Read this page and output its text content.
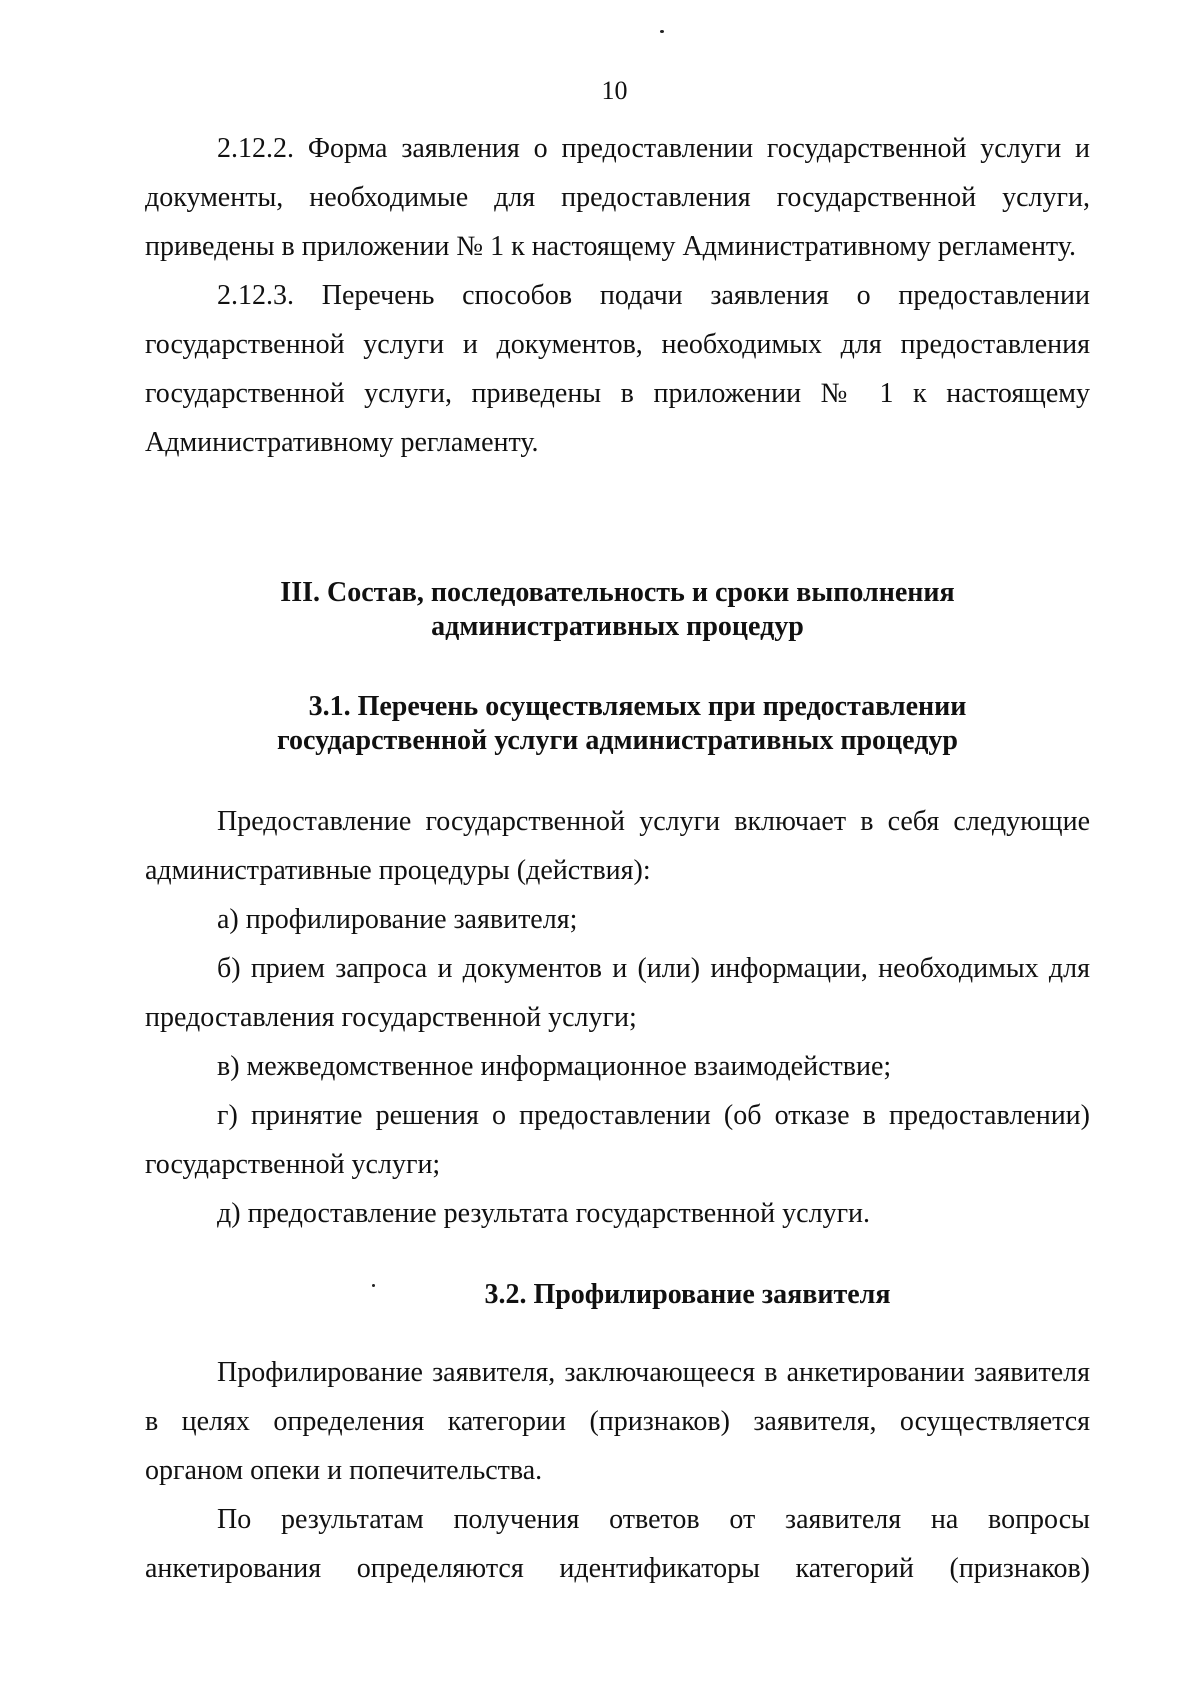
10

2.12.2. Форма заявления о предоставлении государственной услуги и документы, необходимые для предоставления государственной услуги, приведены в приложении № 1 к настоящему Административному регламенту.

2.12.3. Перечень способов подачи заявления о предоставлении государственной услуги и документов, необходимых для предоставления государственной услуги, приведены в приложении № 1 к настоящему Административному регламенту.

III. Состав, последовательность и сроки выполнения

административных процедур

3.1. Перечень осуществляемых при предоставлении

государственной услуги административных процедур

Предоставление государственной услуги включает в себя следующие административные процедуры (действия):

а) профилирование заявителя;

б) прием запроса и документов и (или) информации, необходимых для предоставления государственной услуги;

в) межведомственное информационное взаимодействие;

г) принятие решения о предоставлении (об отказе в предоставлении) государственной услуги;

д) предоставление результата государственной услуги.

3.2. Профилирование заявителя

Профилирование заявителя, заключающееся в анкетировании заявителя в целях определения категории (признаков) заявителя, осуществляется органом опеки и попечительства.

По результатам получения ответов от заявителя на вопросы анкетирования определяются идентификаторы категорий (признаков)
